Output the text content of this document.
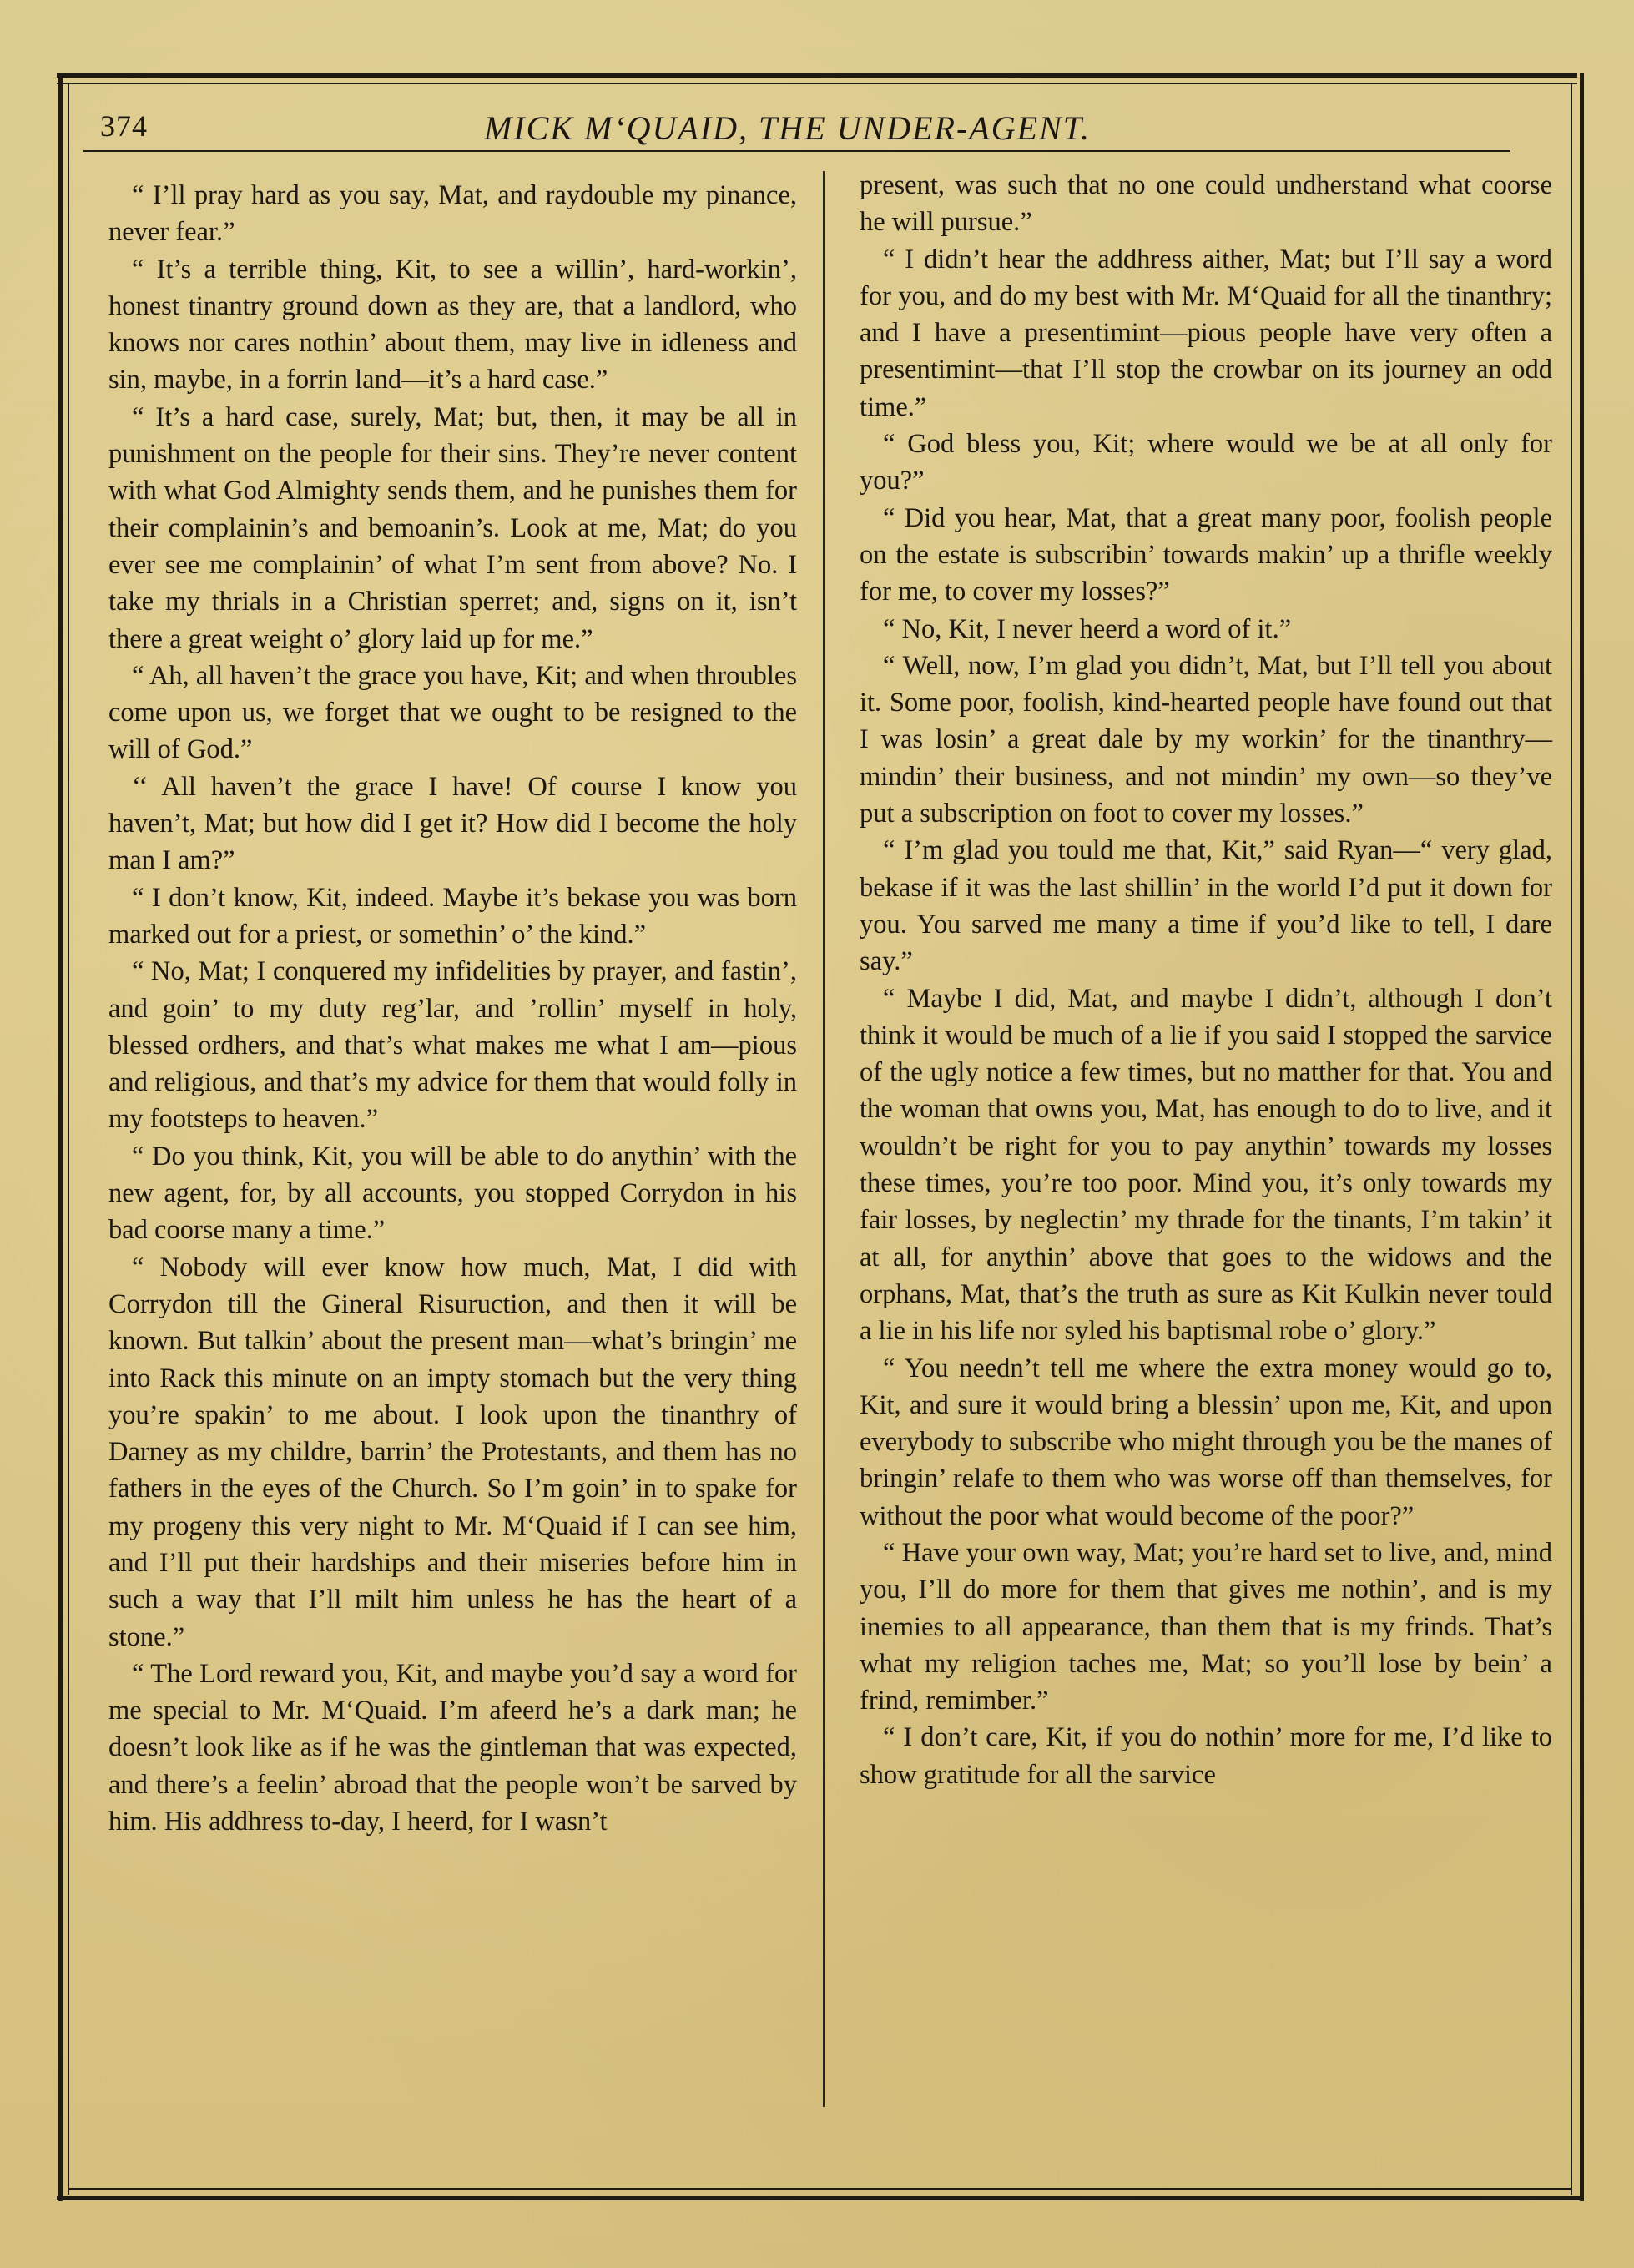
374	MICK M‘QUAID, THE UNDER-AGENT.

“ I’ll pray hard as you say, Mat, and raydouble my pinance, never fear.”

“ It’s a terrible thing, Kit, to see a willin’, hard-workin’, honest tinantry ground down as they are, that a landlord, who knows nor cares nothin’ about them, may live in idleness and sin, maybe, in a forrin land—it’s a hard case.”

“ It’s a hard case, surely, Mat; but, then, it may be all in punishment on the people for their sins. They’re never content with what God Almighty sends them, and he punishes them for their complainin’s and bemoanin’s. Look at me, Mat; do you ever see me complainin’ of what I’m sent from above? No. I take my thrials in a Christian sperret; and, signs on it, isn’t there a great weight o’ glory laid up for me.”

“ Ah, all haven’t the grace you have, Kit; and when throubles come upon us, we forget that we ought to be resigned to the will of God.”

‘‘ All haven’t the grace I have! Of course I know you haven’t, Mat; but how did I get it? How did I become the holy man I am?”

“ I don’t know, Kit, indeed. Maybe it’s bekase you was born marked out for a priest, or somethin’ o’ the kind.”

“ No, Mat; I conquered my infidelities by prayer, and fastin’, and goin’ to my duty reg’lar, and ’rollin’ myself in holy, blessed ordhers, and that’s what makes me what I am—pious and religious, and that’s my advice for them that would folly in my footsteps to heaven.”

“ Do you think, Kit, you will be able to do anythin’ with the new agent, for, by all accounts, you stopped Corrydon in his bad coorse many a time.”

“ Nobody will ever know how much, Mat, I did with Corrydon till the Gineral Risuruction, and then it will be known. But talkin’ about the present man—what’s bringin’ me into Rack this minute on an impty stomach but the very thing you’re spakin’ to me about. I look upon the tinanthry of Darney as my childre, barrin’ the Protestants, and them has no fathers in the eyes of the Church. So I’m goin’ in to spake for my progeny this very night to Mr. M‘Quaid if I can see him, and I’ll put their hardships and their miseries before him in such a way that I’ll milt him unless he has the heart of a stone.”

“ The Lord reward you, Kit, and maybe you’d say a word for me special to Mr. M‘Quaid. I’m afeerd he’s a dark man; he doesn’t look like as if he was the gintleman that was expected, and there’s a feelin’ abroad that the people won’t be sarved by him. His addhress to-day, I heerd, for I wasn’t

present, was such that no one could undherstand what coorse he will pursue.”

“ I didn’t hear the addhress aither, Mat; but I’ll say a word for you, and do my best with Mr. M‘Quaid for all the tinanthry; and I have a presentimint—pious people have very often a presentimint—that I’ll stop the crowbar on its journey an odd time.”

“ God bless you, Kit; where would we be at all only for you?”

“ Did you hear, Mat, that a great many poor, foolish people on the estate is subscribin’ towards makin’ up a thrifle weekly for me, to cover my losses?”

“ No, Kit, I never heerd a word of it.”

“ Well, now, I’m glad you didn’t, Mat, but I’ll tell you about it. Some poor, foolish, kind-hearted people have found out that I was losin’ a great dale by my workin’ for the tinanthry—mindin’ their business, and not mindin’ my own—so they’ve put a subscription on foot to cover my losses.”

“ I’m glad you tould me that, Kit,” said Ryan—“ very glad, bekase if it was the last shillin’ in the world I’d put it down for you. You sarved me many a time if you’d like to tell, I dare say.”

“ Maybe I did, Mat, and maybe I didn’t, although I don’t think it would be much of a lie if you said I stopped the sarvice of the ugly notice a few times, but no matther for that. You and the woman that owns you, Mat, has enough to do to live, and it wouldn’t be right for you to pay anythin’ towards my losses these times, you’re too poor. Mind you, it’s only towards my fair losses, by neglectin’ my thrade for the tinants, I’m takin’ it at all, for anythin’ above that goes to the widows and the orphans, Mat, that’s the truth as sure as Kit Kulkin never tould a lie in his life nor syled his baptismal robe o’ glory.”

“ You needn’t tell me where the extra money would go to, Kit, and sure it would bring a blessin’ upon me, Kit, and upon everybody to subscribe who might through you be the manes of bringin’ relafe to them who was worse off than themselves, for without the poor what would become of the poor?”

“ Have your own way, Mat; you’re hard set to live, and, mind you, I’ll do more for them that gives me nothin’, and is my inemies to all appearance, than them that is my frinds. That’s what my religion taches me, Mat; so you’ll lose by bein’ a frind, remimber.”

“ I don’t care, Kit, if you do nothin’ more for me, I’d like to show gratitude for all the sarvice
